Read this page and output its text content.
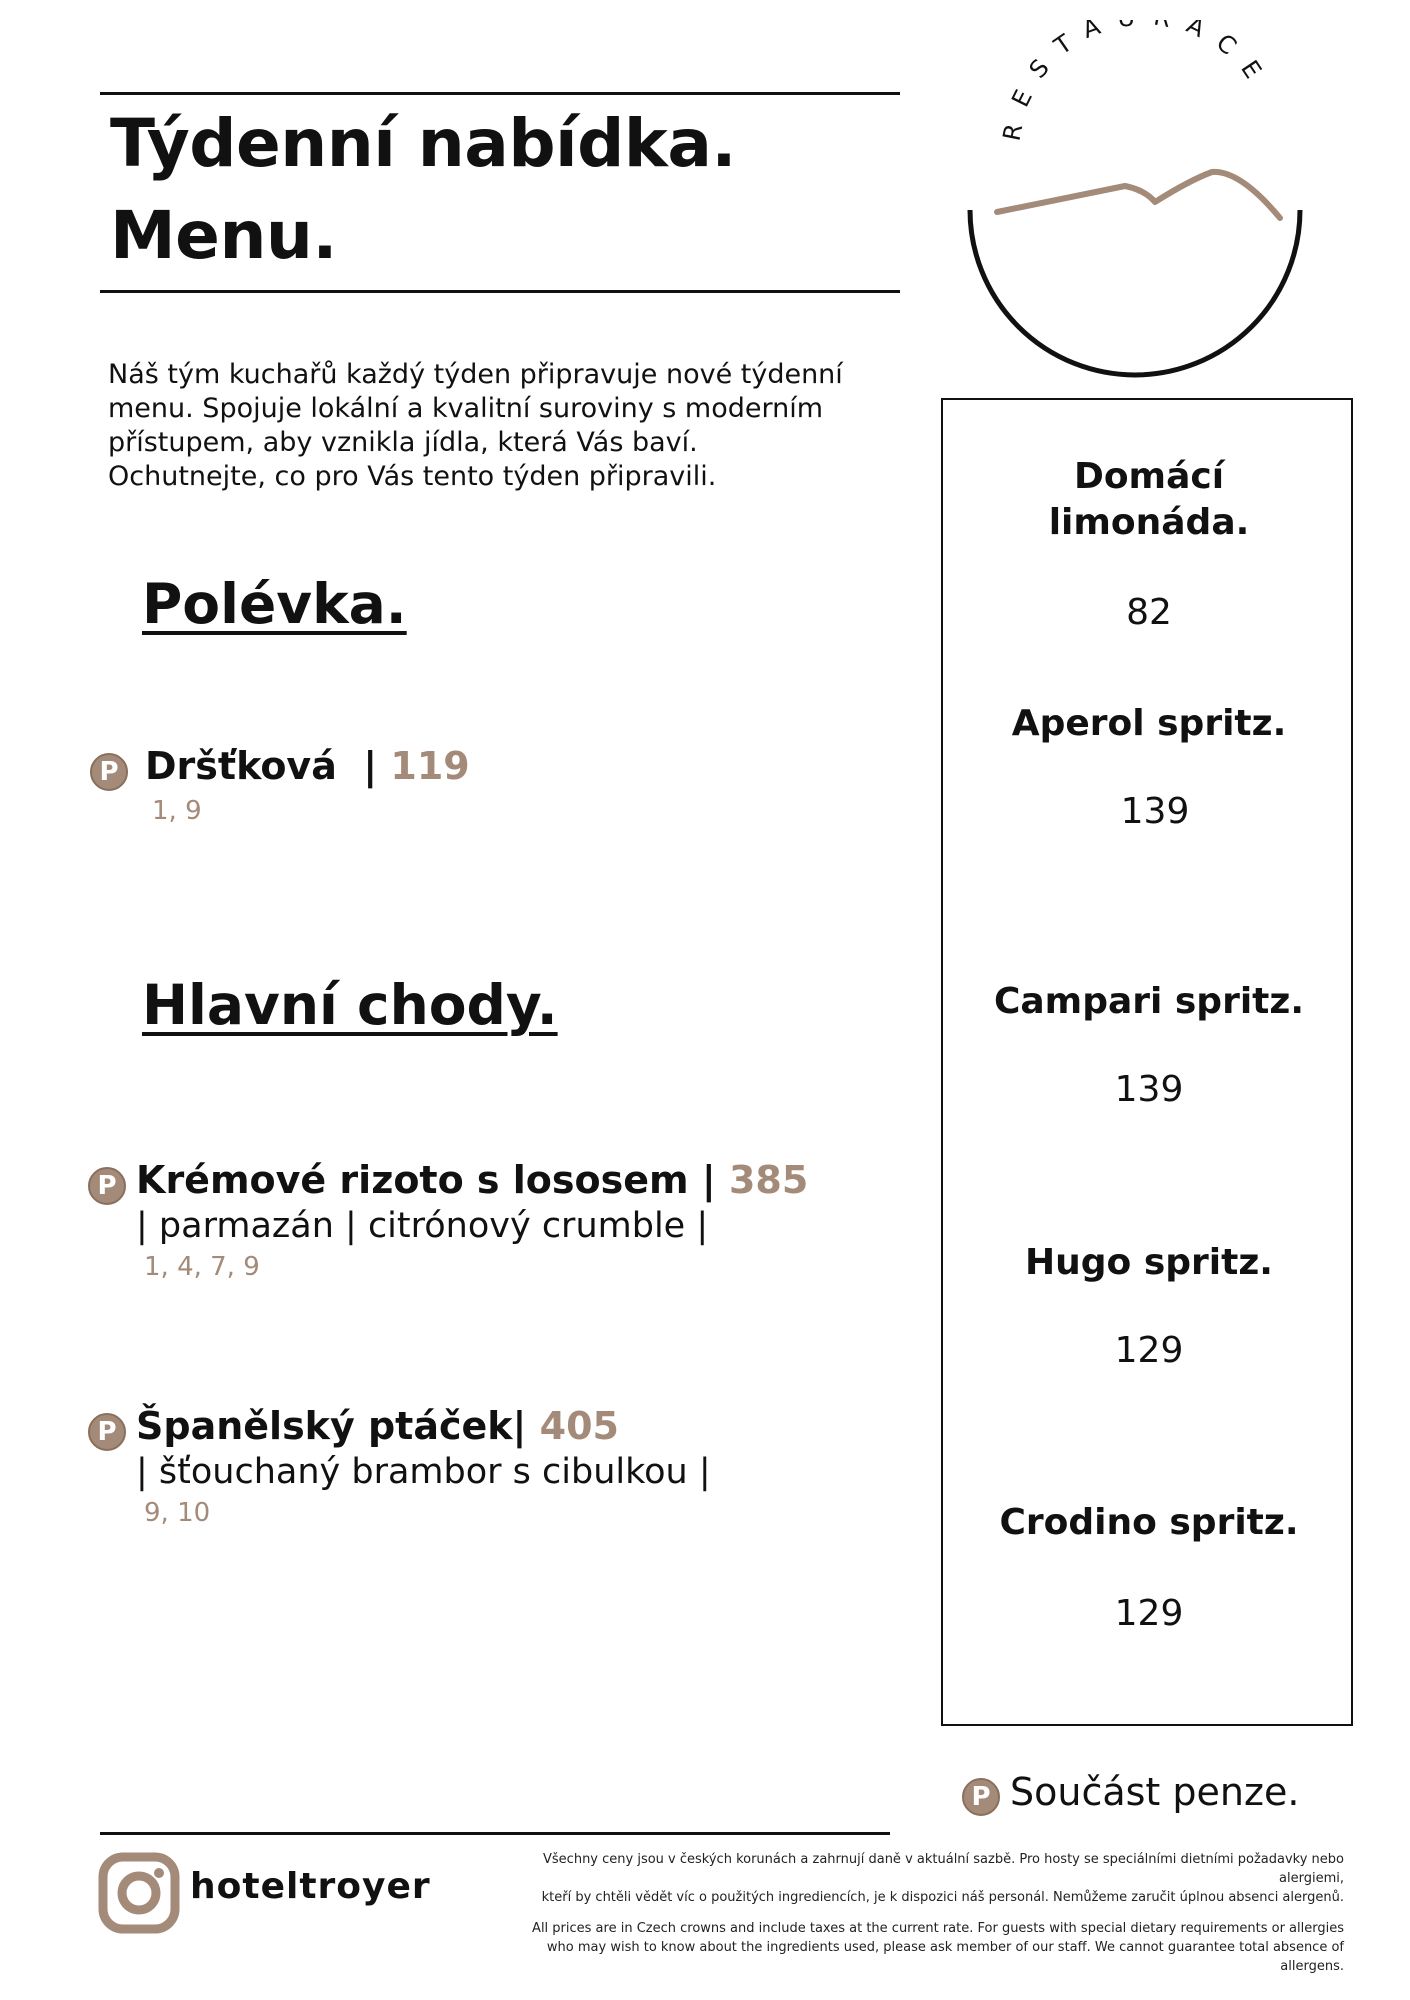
Týdenní nabídka.
Menu.
RESTA ACE
Náš tým kuchařů každý týden připravuje nové týdenní
menu. Spojuje lokální a kvalitní suroviny s moderním
přístupem, aby vznikla jídla, která Vás baví.
Ochutnejte, co pro Vás tento týden připravili.
Polévka.
P Dršťková  | 119
1, 9
Hlavní chody.
P Krémové rizoto s lososem | 385
| parmazán | citrónový crumble |
1, 4, 7, 9
P Španělský ptáček| 405
| šťouchaný brambor s cibulkou |
9, 10
Domácí
limonáda.
82
Aperol spritz.
139
Campari spritz.
139
Hugo spritz.
129
Crodino spritz.
129
P Součást penze.
hoteltroyer
Všechny ceny jsou v českých korunách a zahrnují daně v aktuální sazbě. Pro hosty se speciálními dietními požadavky nebo alergiemi,
kteří by chtěli vědět víc o použitých ingrediencích, je k dispozici náš personál. Nemůžeme zaručit úplnou absenci alergenů.
All prices are in Czech crowns and include taxes at the current rate. For guests with special dietary requirements or allergies
who may wish to know about the ingredients used, please ask member of our staff. We cannot guarantee total absence of allergens.
